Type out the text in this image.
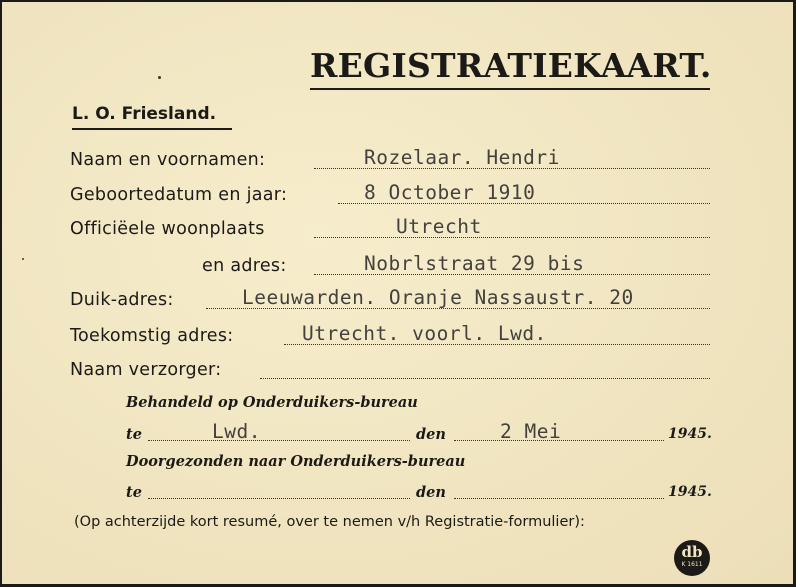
REGISTRATIEKAART.
L. O. Friesland.
Naam en voornamen:	Rozelaar. Hendri
Geboortedatum en jaar:	8 October 1910
Officiëele woonplaats	Utrecht
en adres:	Nobrlstraat 29 bis
Duik-adres:	Leeuwarden. Oranje Nassaustr. 20
Toekomstig adres:	Utrecht. voorl. Lwd.
Naam verzorger:
Behandeld op Onderduikers-bureau
te	Lwd.	den	2 Mei	1945.
Doorgezonden naar Onderduikers-bureau
te	den	1945.
(Op achterzijde kort resumé, over te nemen v/h Registratie-formulier):
db
K 1611
